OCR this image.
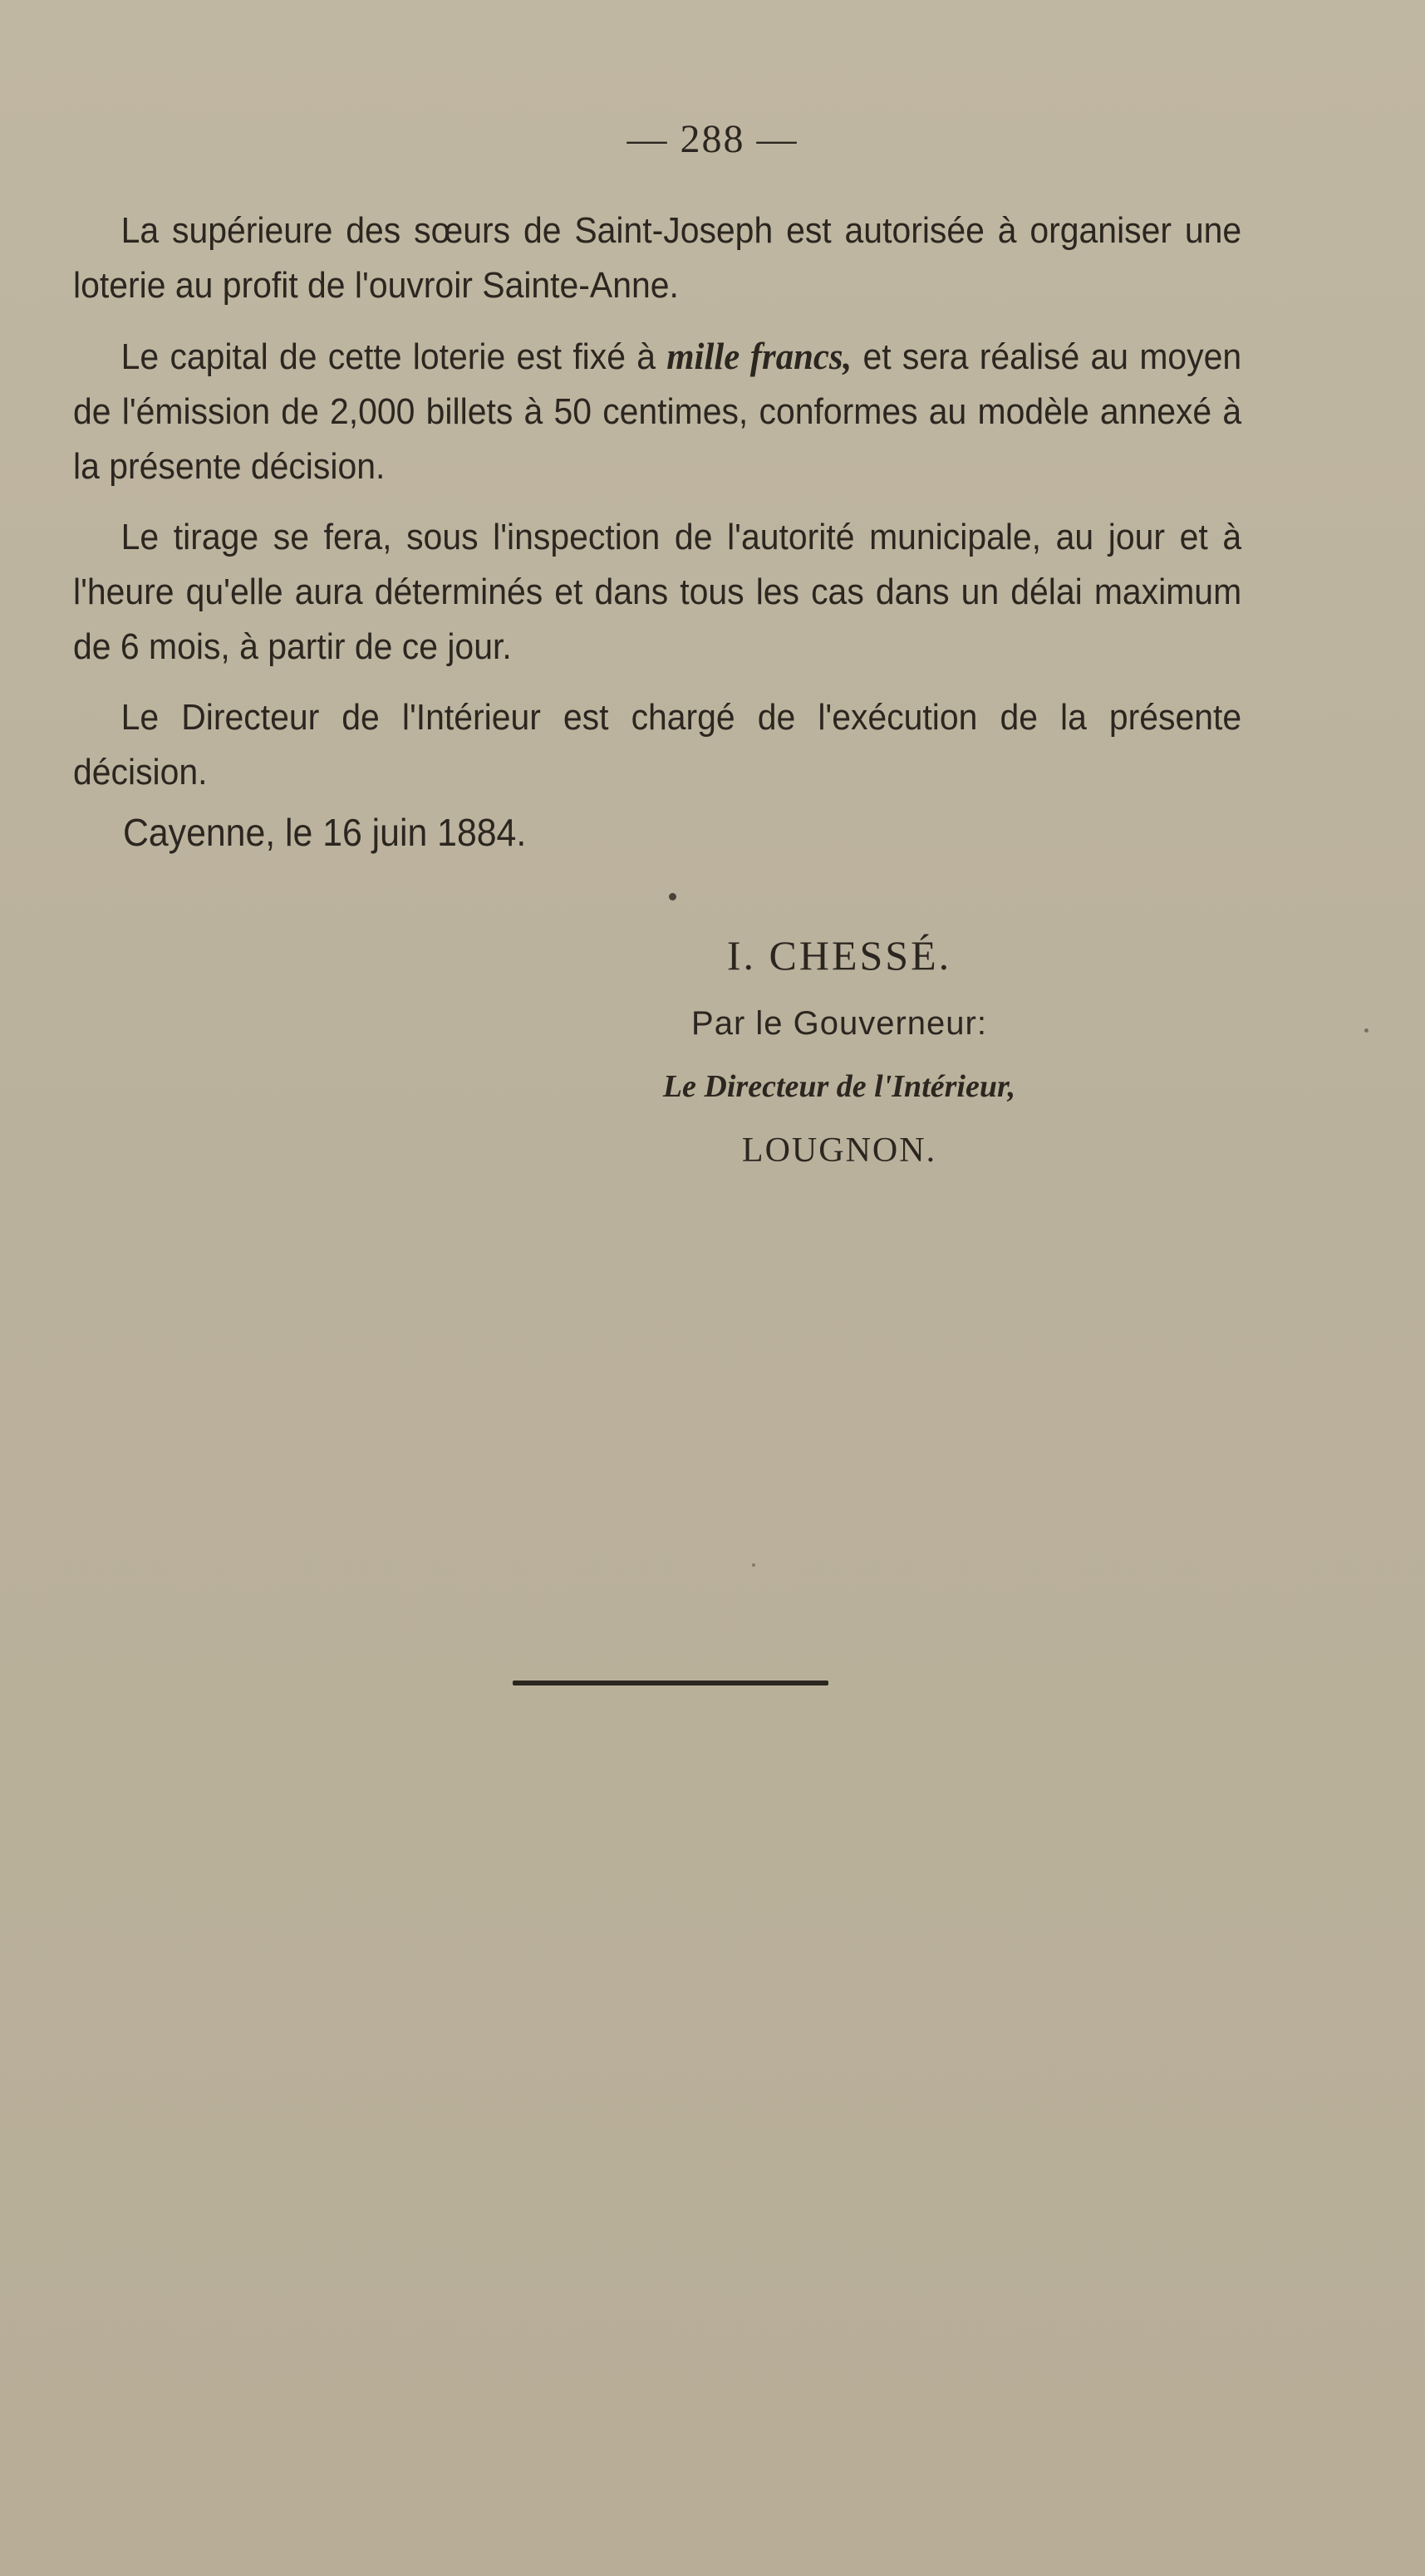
— 288 —

La supérieure des sœurs de Saint-Joseph est autorisée à organiser une loterie au profit de l'ouvroir Sainte-Anne.

Le capital de cette loterie est fixé à mille francs, et sera réalisé au moyen de l'émission de 2,000 billets à 50 centimes, conformes au modèle annexé à la présente décision.

Le tirage se fera, sous l'inspection de l'autorité municipale, au jour et à l'heure qu'elle aura déterminés et dans tous les cas dans un délai maximum de 6 mois, à partir de ce jour.

Le Directeur de l'Intérieur est chargé de l'exécution de la présente décision.

Cayenne, le 16 juin 1884.
I. CHESSÉ.
Par le Gouverneur:
Le Directeur de l'Intérieur,
LOUGNON.
